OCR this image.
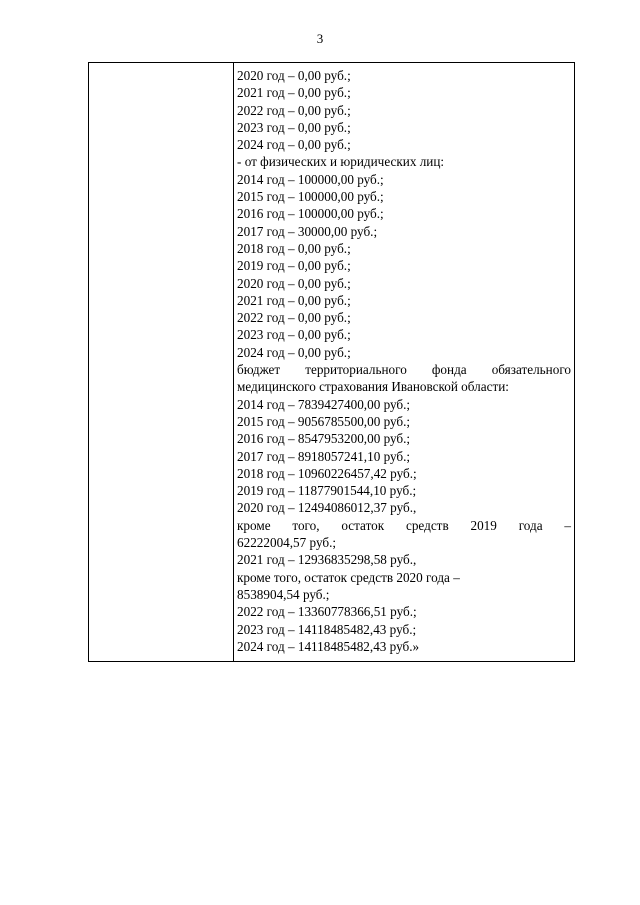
3
2020 год – 0,00 руб.;
2021 год – 0,00 руб.;
2022 год – 0,00 руб.;
2023 год – 0,00 руб.;
2024 год – 0,00 руб.;
- от физических и юридических лиц:
2014 год – 100000,00 руб.;
2015 год – 100000,00 руб.;
2016 год – 100000,00 руб.;
2017 год – 30000,00 руб.;
2018 год – 0,00 руб.;
2019 год – 0,00 руб.;
2020 год – 0,00 руб.;
2021 год – 0,00 руб.;
2022 год – 0,00 руб.;
2023 год – 0,00 руб.;
2024 год – 0,00 руб.;
бюджет территориального фонда обязательного
медицинского страхования Ивановской области:
2014 год – 7839427400,00 руб.;
2015 год – 9056785500,00 руб.;
2016 год – 8547953200,00 руб.;
2017 год – 8918057241,10 руб.;
2018 год – 10960226457,42 руб.;
2019 год – 11877901544,10 руб.;
2020 год – 12494086012,37 руб.,
кроме того, остаток средств 2019 года –
62222004,57 руб.;
2021 год – 12936835298,58 руб.,
кроме того, остаток средств 2020 года –
8538904,54 руб.;
2022 год – 13360778366,51 руб.;
2023 год – 14118485482,43 руб.;
2024 год – 14118485482,43 руб.»
